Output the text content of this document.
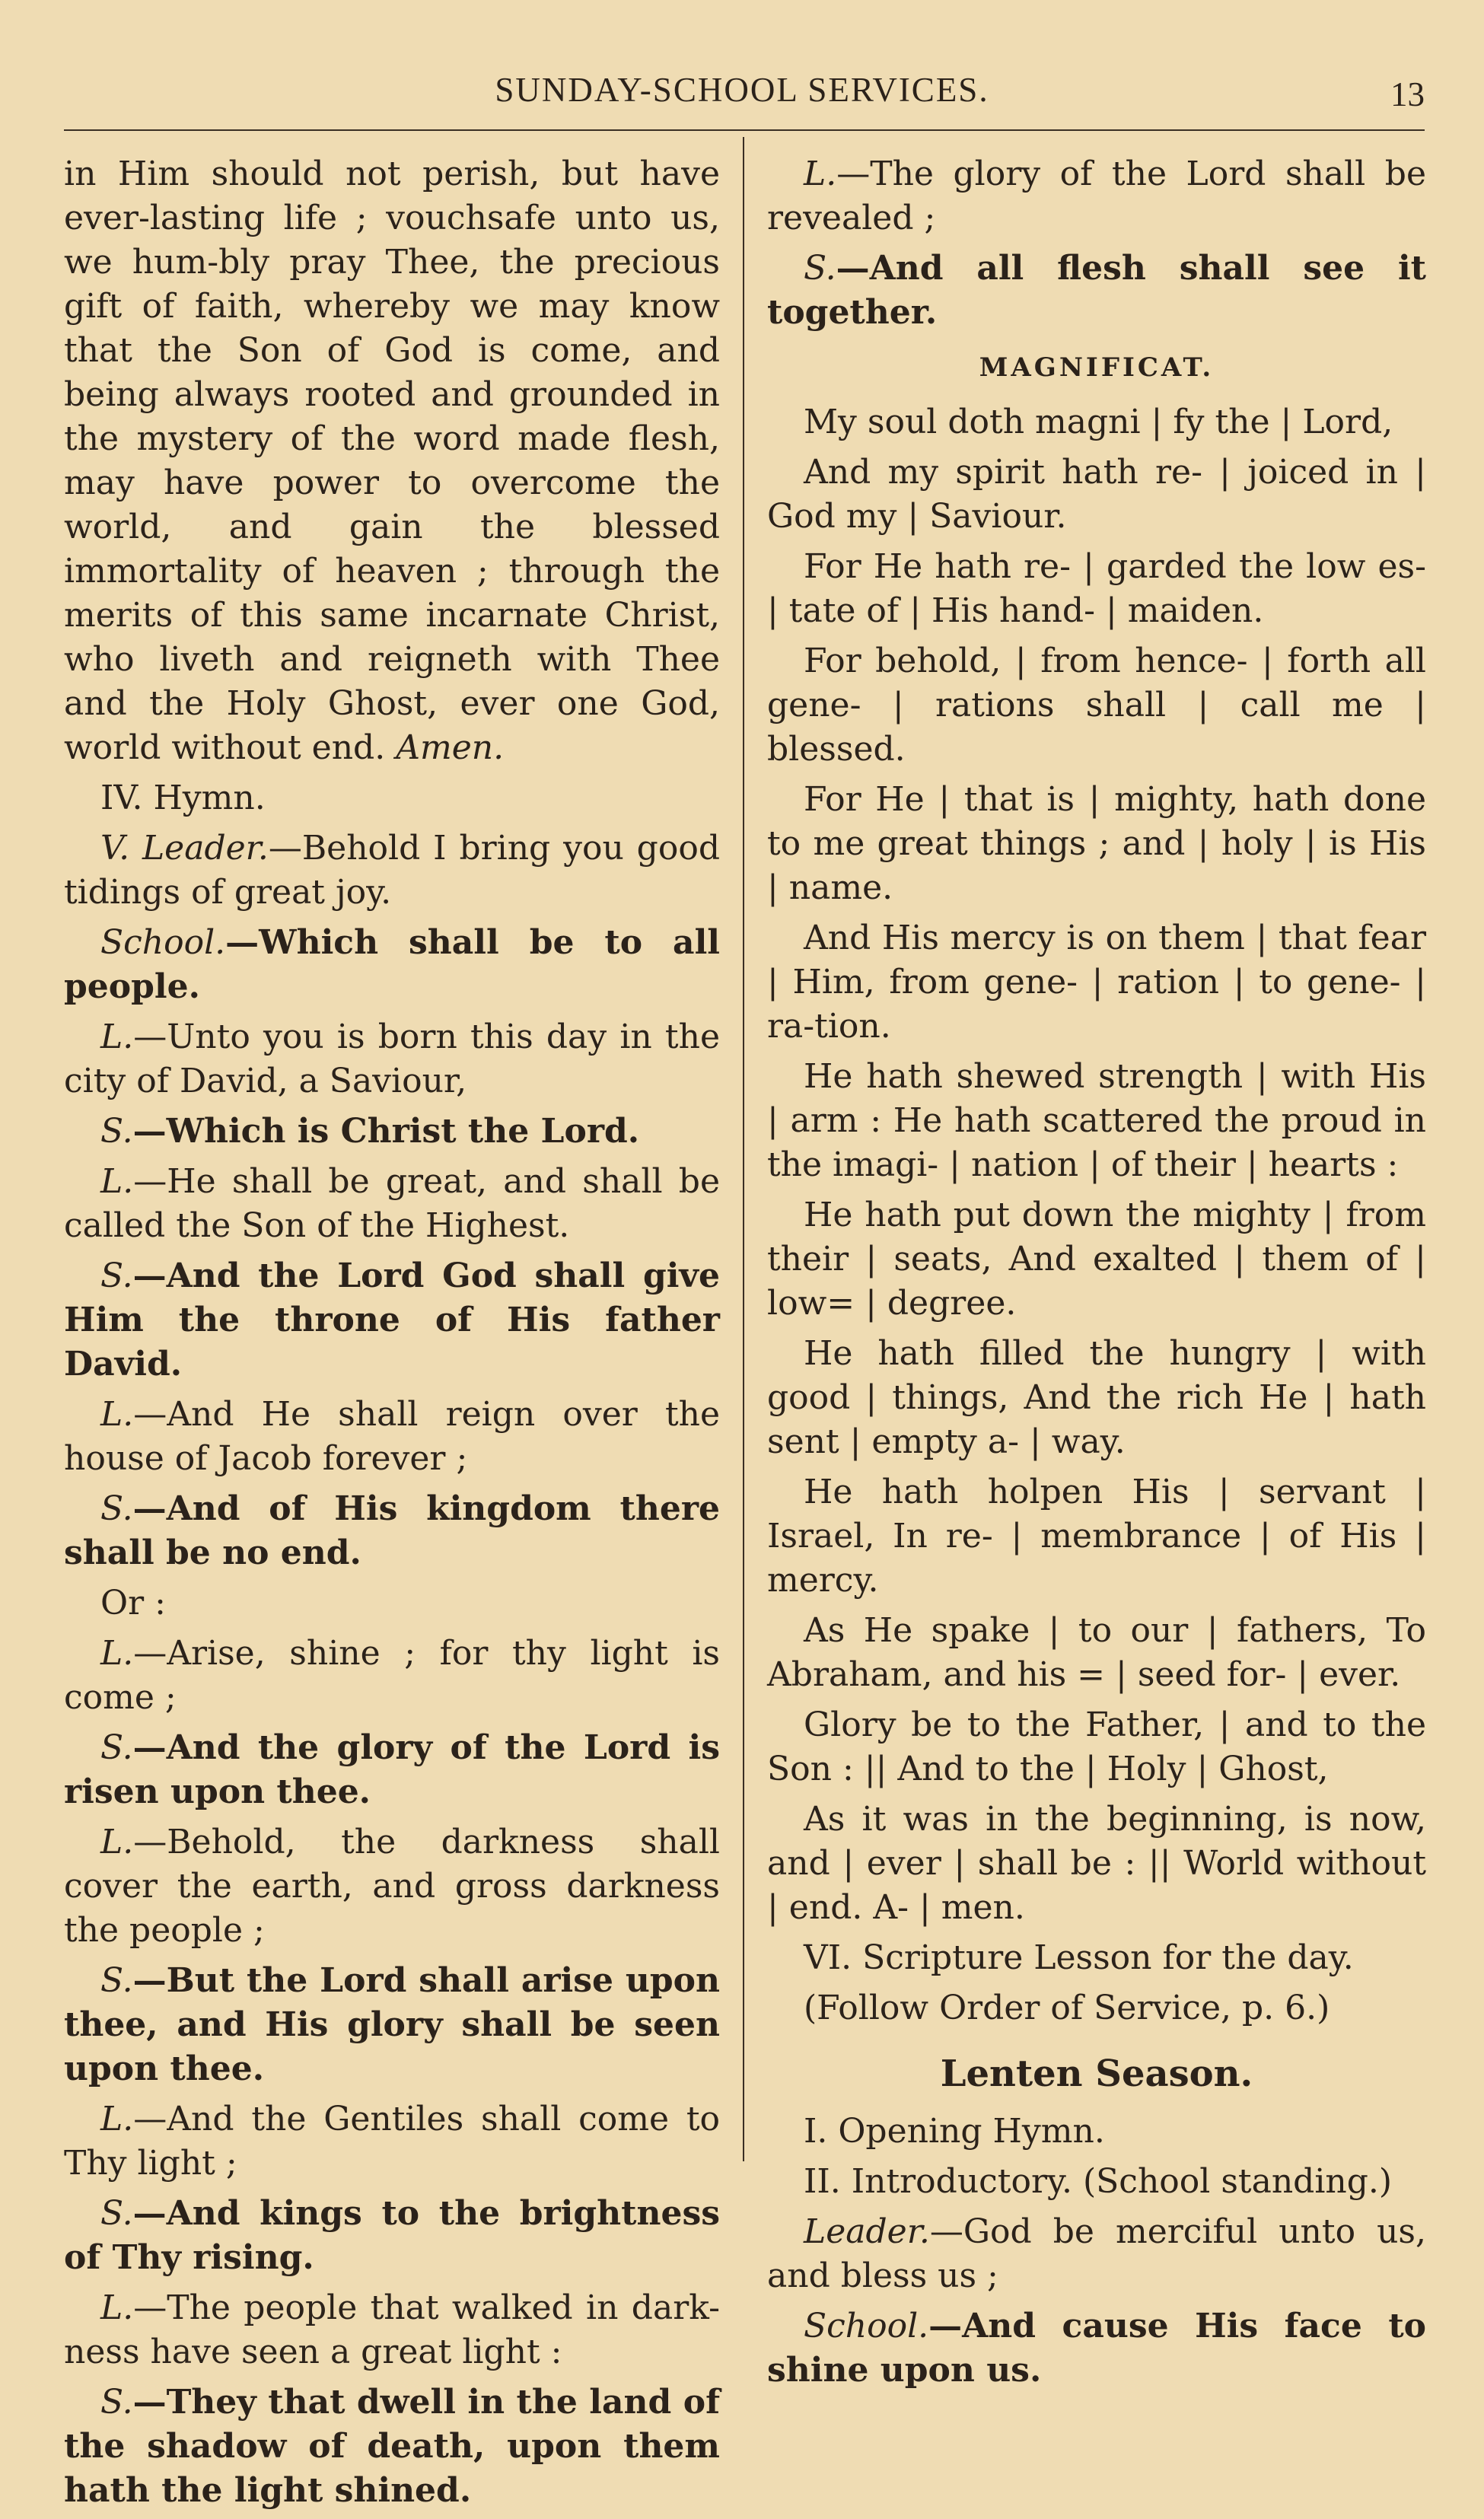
SUNDAY-SCHOOL SERVICES.	13

in Him should not perish, but have ever-lasting life ; vouchsafe unto us, we hum-bly pray Thee, the precious gift of faith, whereby we may know that the Son of God is come, and being always rooted and grounded in the mystery of the word made flesh, may have power to overcome the world, and gain the blessed immortality of heaven ; through the merits of this same incarnate Christ, who liveth and reigneth with Thee and the Holy Ghost, ever one God, world without end. Amen.

IV. Hymn.

V. Leader.—Behold I bring you good tidings of great joy.

School.—Which shall be to all people.

L.—Unto you is born this day in the city of David, a Saviour,

S.—Which is Christ the Lord.

L.—He shall be great, and shall be called the Son of the Highest.

S.—And the Lord God shall give Him the throne of His father David.

L.—And He shall reign over the house of Jacob forever ;

S.—And of His kingdom there shall be no end.

Or :

L.—Arise, shine ; for thy light is come ;

S.—And the glory of the Lord is risen upon thee.

L.—Behold, the darkness shall cover the earth, and gross darkness the people ;

S.—But the Lord shall arise upon thee, and His glory shall be seen upon thee.

L.—And the Gentiles shall come to Thy light ;

S.—And kings to the brightness of Thy rising.

L.—The people that walked in dark-ness have seen a great light :

S.—They that dwell in the land of the shadow of death, upon them hath the light shined.

L.—The glory of the Lord shall be revealed ;

S.—And all flesh shall see it together.

MAGNIFICAT.

My soul doth magni | fy the | Lord,

And my spirit hath re- | joiced in | God my | Saviour.

For He hath re- | garded the low es- | tate of | His hand- | maiden.

For behold, | from hence- | forth all gene- | rations shall | call me | blessed.

For He | that is | mighty, hath done to me great things ; and | holy | is His | name.

And His mercy is on them | that fear | Him, from gene- | ration | to gene- | ra-tion.

He hath shewed strength | with His | arm : He hath scattered the proud in the imagi- | nation | of their | hearts :

He hath put down the mighty | from their | seats, And exalted | them of | low= | degree.

He hath filled the hungry | with good | things, And the rich He | hath sent | empty a- | way.

He hath holpen His | servant | Israel, In re- | membrance | of His | mercy.

As He spake | to our | fathers, To Abraham, and his = | seed for- | ever.

Glory be to the Father, | and to the Son : || And to the | Holy | Ghost,

As it was in the beginning, is now, and | ever | shall be : || World without | end. A- | men.

VI. Scripture Lesson for the day.

(Follow Order of Service, p. 6.)

Lenten Season.

I. Opening Hymn.

II. Introductory. (School standing.)

Leader.—God be merciful unto us, and bless us ;

School.—And cause His face to shine upon us.
